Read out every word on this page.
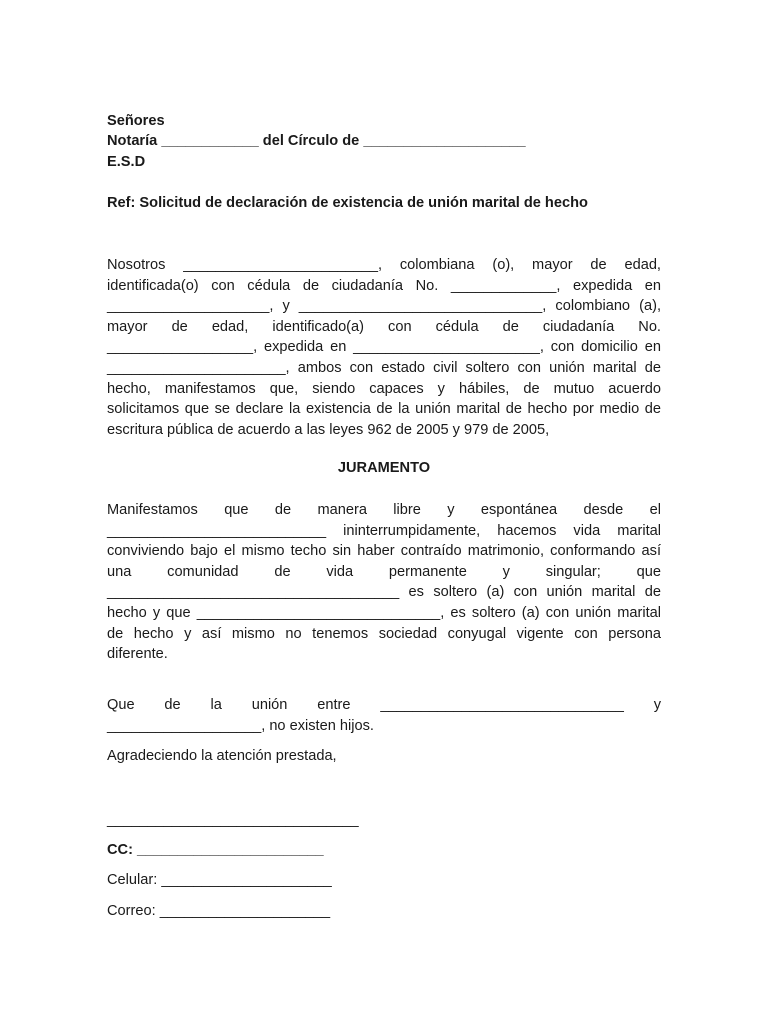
Señores
Notaría ____________ del Círculo de ____________________
E.S.D
Ref: Solicitud de declaración de existencia de unión marital de hecho
Nosotros ________________________, colombiana (o), mayor de edad,
identificada(o) con cédula de ciudadanía No. _____________, expedida en
____________________, y ______________________________, colombiano (a),
mayor de edad, identificado(a) con cédula de ciudadanía No.
__________________, expedida en _______________________, con domicilio en
______________________, ambos con estado civil soltero con unión marital de
hecho, manifestamos que, siendo capaces y hábiles, de mutuo acuerdo
solicitamos que se declare la existencia de la unión marital de hecho por medio de
escritura pública de acuerdo a las leyes 962 de 2005 y 979 de 2005,
JURAMENTO
Manifestamos que de manera libre y espontánea desde el
___________________________ ininterrumpidamente, hacemos vida marital
conviviendo bajo el mismo techo sin haber contraído matrimonio, conformando así
una comunidad de vida permanente y singular; que
____________________________________ es soltero (a) con unión marital de
hecho y que ______________________________, es soltero (a) con unión marital
de hecho y así mismo no tenemos sociedad conyugal vigente con persona
diferente.
Que de la unión entre ______________________________ y
___________________, no existen hijos.
Agradeciendo la atención prestada,
_______________________________
CC: _______________________
Celular: _____________________
Correo: _____________________
